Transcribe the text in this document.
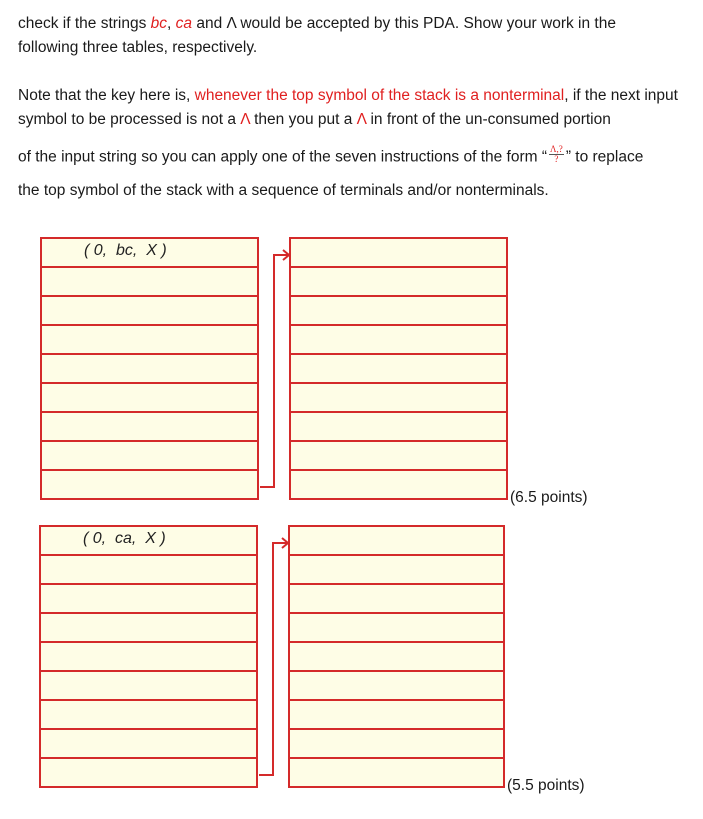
check if the strings bc, ca and Λ would be accepted by this PDA. Show your work in the following three tables, respectively.
Note that the key here is, whenever the top symbol of the stack is a nonterminal, if the next input symbol to be processed is not a Λ then you put a Λ in front of the un-consumed portion
of the input string so you can apply one of the seven instructions of the form “ $\frac{\Lambda,?}{?}$ ” to replace
the top symbol of the stack with a sequence of terminals and/or nonterminals.
( 0,  bc,  X )
(6.5 points)
( 0,  ca,  X )
(5.5 points)
